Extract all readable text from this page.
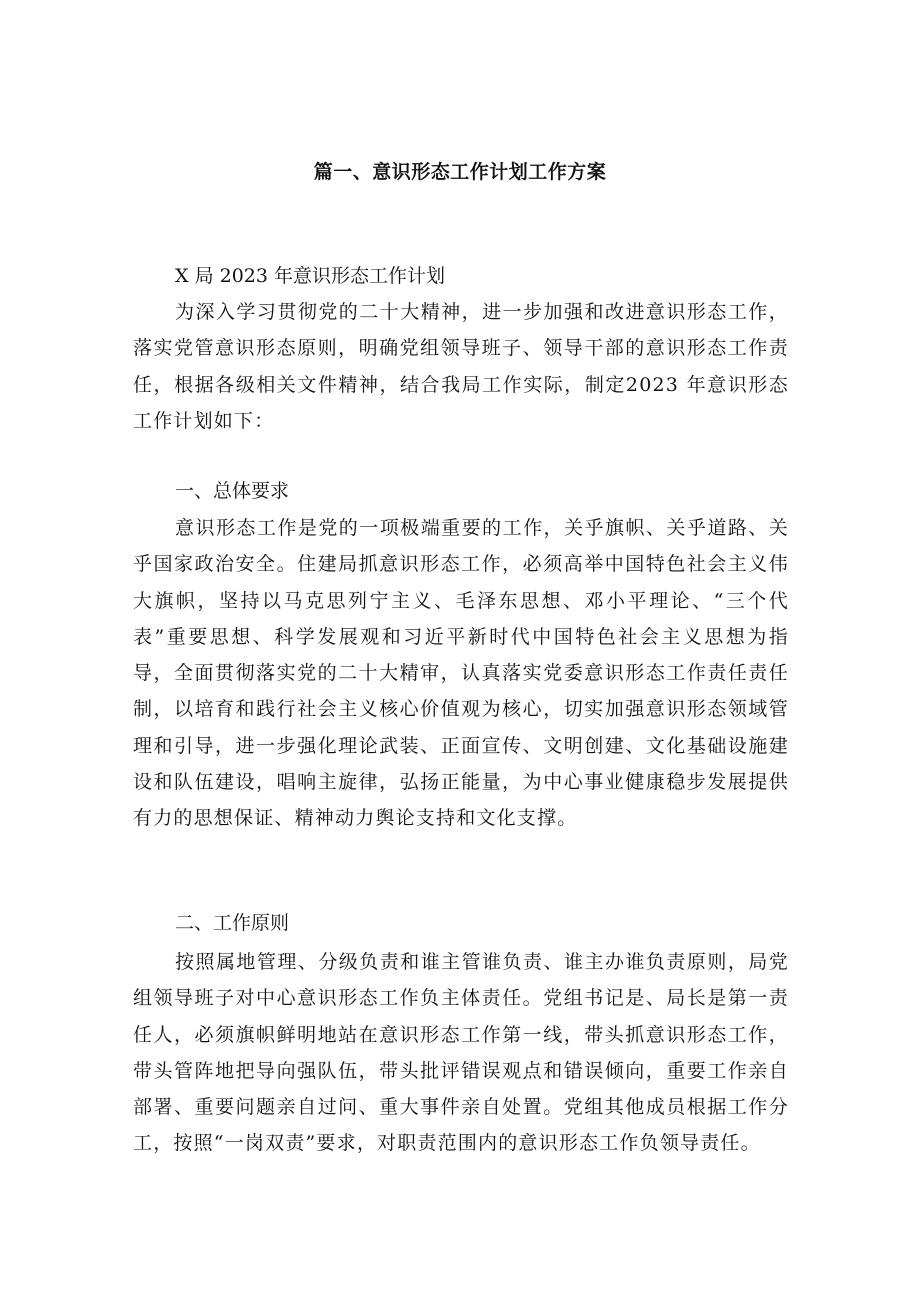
篇一、意识形态工作计划工作方案
X 局 2023 年意识形态工作计划

为深入学习贯彻党的二十大精神，进一步加强和改进意识形态工作，落实党管意识形态原则，明确党组领导班子、领导干部的意识形态工作责任，根据各级相关文件精神，结合我局工作实际，制定2023 年意识形态工作计划如下：

一、总体要求

意识形态工作是党的一项极端重要的工作，关乎旗帜、关乎道路、关乎国家政治安全。住建局抓意识形态工作，必须高举中国特色社会主义伟大旗帜，坚持以马克思列宁主义、毛泽东思想、邓小平理论、“三个代表”重要思想、科学发展观和习近平新时代中国特色社会主义思想为指导，全面贯彻落实党的二十大精审，认真落实党委意识形态工作责任责任制，以培育和践行社会主义核心价值观为核心，切实加强意识形态领域管理和引导，进一步强化理论武装、正面宣传、文明创建、文化基础设施建设和队伍建设，唱响主旋律，弘扬正能量，为中心事业健康稳步发展提供有力的思想保证、精神动力舆论支持和文化支撑。

二、工作原则

按照属地管理、分级负责和谁主管谁负责、谁主办谁负责原则，局党组领导班子对中心意识形态工作负主体责任。党组书记是、局长是第一责任人，必须旗帜鲜明地站在意识形态工作第一线，带头抓意识形态工作，带头管阵地把导向强队伍，带头批评错误观点和错误倾向，重要工作亲自部署、重要问题亲自过问、重大事件亲自处置。党组其他成员根据工作分工，按照“一岗双责”要求，对职责范围内的意识形态工作负领导责任。
